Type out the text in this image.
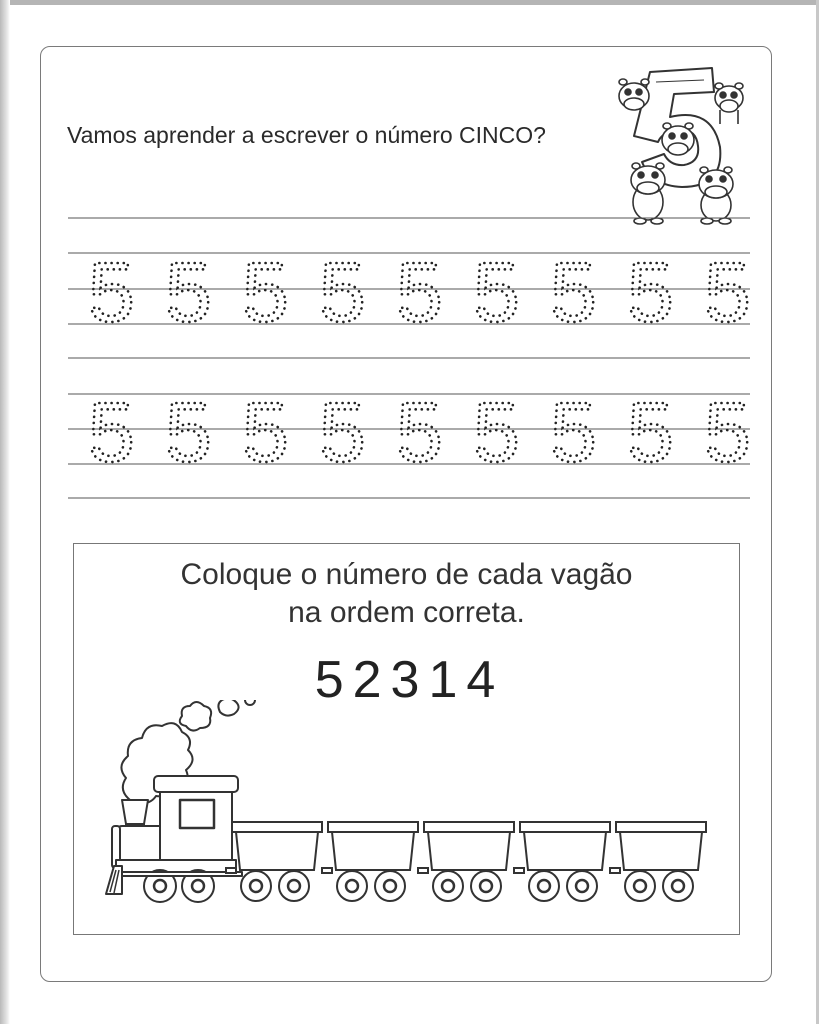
Vamos aprender a escrever o número CINCO?
5 5 5 5 5 5 5 5 5
5 5 5 5 5 5 5 5 5
Coloque o número de cada vagão
na ordem correta.
5 2 3 1 4
